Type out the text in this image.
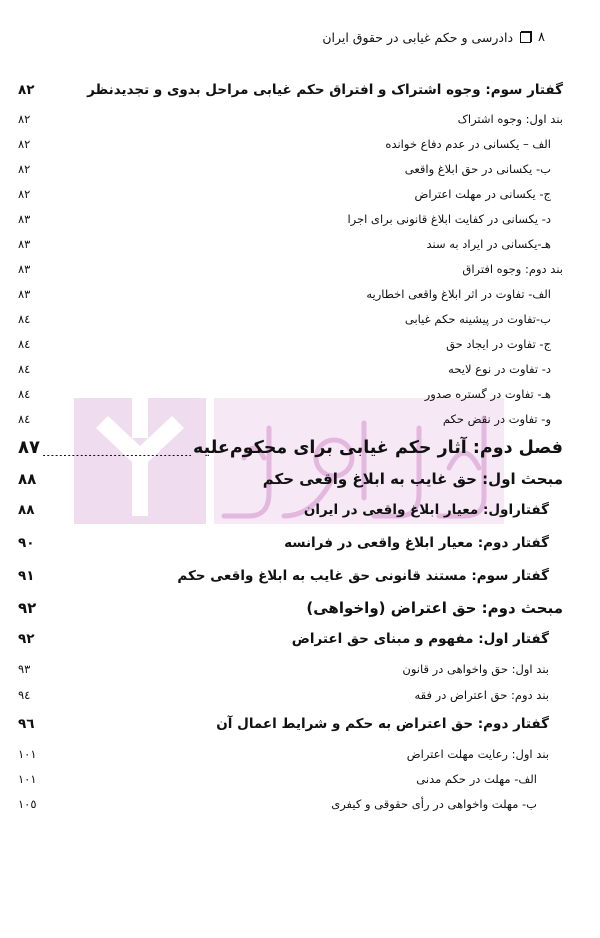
۸
دادرسی و حکم غیابی در حقوق ایران
گفتار سوم: وجوه اشتراک و افتراق حکم غیابی مراحل بدوی و تجدیدنظر
.....
۸۲
بند اول: وجوه اشتراک
.....
۸۲
الف – یکسانی در عدم دفاع خوانده
.....
۸۲
ب- یکسانی در حق ابلاغ واقعی
.....
۸۲
ج- یکسانی در مهلت اعتراض
.....
۸۲
د- یکسانی در کفایت ابلاغ قانونی برای اجرا
.....
۸۳
هـ-یکسانی در ایراد به سند
.....
۸۳
بند دوم: وجوه افتراق
.....
۸۳
الف- تفاوت در اثر ابلاغ واقعی اخطاریه
.....
۸۳
ب-تفاوت در پیشینه حکم غیابی
.....
۸٤
ج- تفاوت در ایجاد حق
.....
۸٤
د- تفاوت در نوع لایحه
.....
۸٤
هـ- تفاوت در گستره صدور
.....
۸٤
و- تفاوت در نقض حکم
.....
۸٤
فصل دوم: آثار حکم غیابی برای محکوم‌علیه
.....
۸۷
مبحث اول: حق غایب به ابلاغ واقعی حکم
.....
۸۸
گفتاراول: معیار ابلاغ واقعی در ایران
.....
۸۸
گفتار دوم: معیار ابلاغ واقعی در فرانسه
.....
۹۰
گفتار سوم: مستند قانونی حق غایب به ابلاغ واقعی حکم
.....
۹۱
مبحث دوم: حق اعتراض (واخواهی)
.....
۹۲
گفتار اول: مفهوم و مبنای حق اعتراض
.....
۹۲
بند اول: حق واخواهی در قانون
.....
۹۳
بند دوم: حق اعتراض در فقه
.....
۹٤
گفتار دوم: حق اعتراض به حکم و شرایط اعمال آن
.....
۹٦
بند اول: رعایت مهلت اعتراض
.....
۱۰۱
الف- مهلت در حکم مدنی
.....
۱۰۱
ب- مهلت واخواهی در رأی حقوقی و کیفری
.....
۱۰٥
